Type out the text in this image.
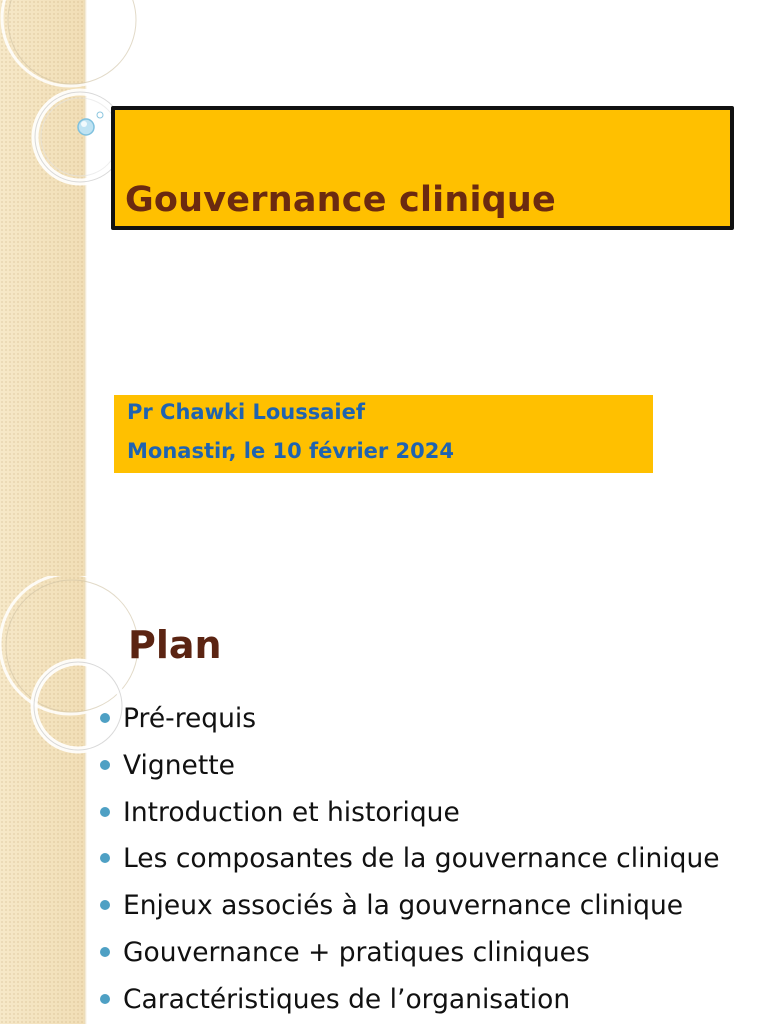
Gouvernance clinique
Pr Chawki Loussaief
Monastir, le 10 février 2024
Plan
Pré-requis
Vignette
Introduction et historique
Les composantes de la gouvernance clinique
Enjeux associés à la gouvernance clinique
Gouvernance + pratiques cliniques
Caractéristiques de l’organisation
